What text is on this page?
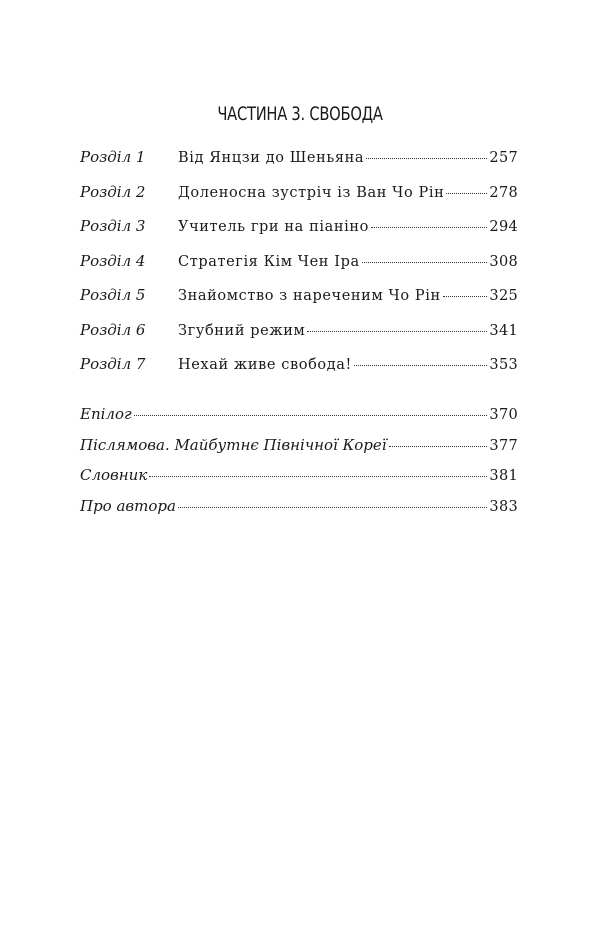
ЧАСТИНА 3. СВОБОДА
Розділ 1	Від Янцзи до Шеньяна	257
Розділ 2	Доленосна зустріч із Ван Чо Рін	278
Розділ 3	Учитель гри на піаніно	294
Розділ 4	Стратегія Кім Чен Іра	308
Розділ 5	Знайомство з нареченим Чо Рін	325
Розділ 6	Згубний режим	341
Розділ 7	Нехай живе свобода!	353
Епілог	370
Післямова. Майбутнє Північної Кореї	377
Словник	381
Про автора	383
